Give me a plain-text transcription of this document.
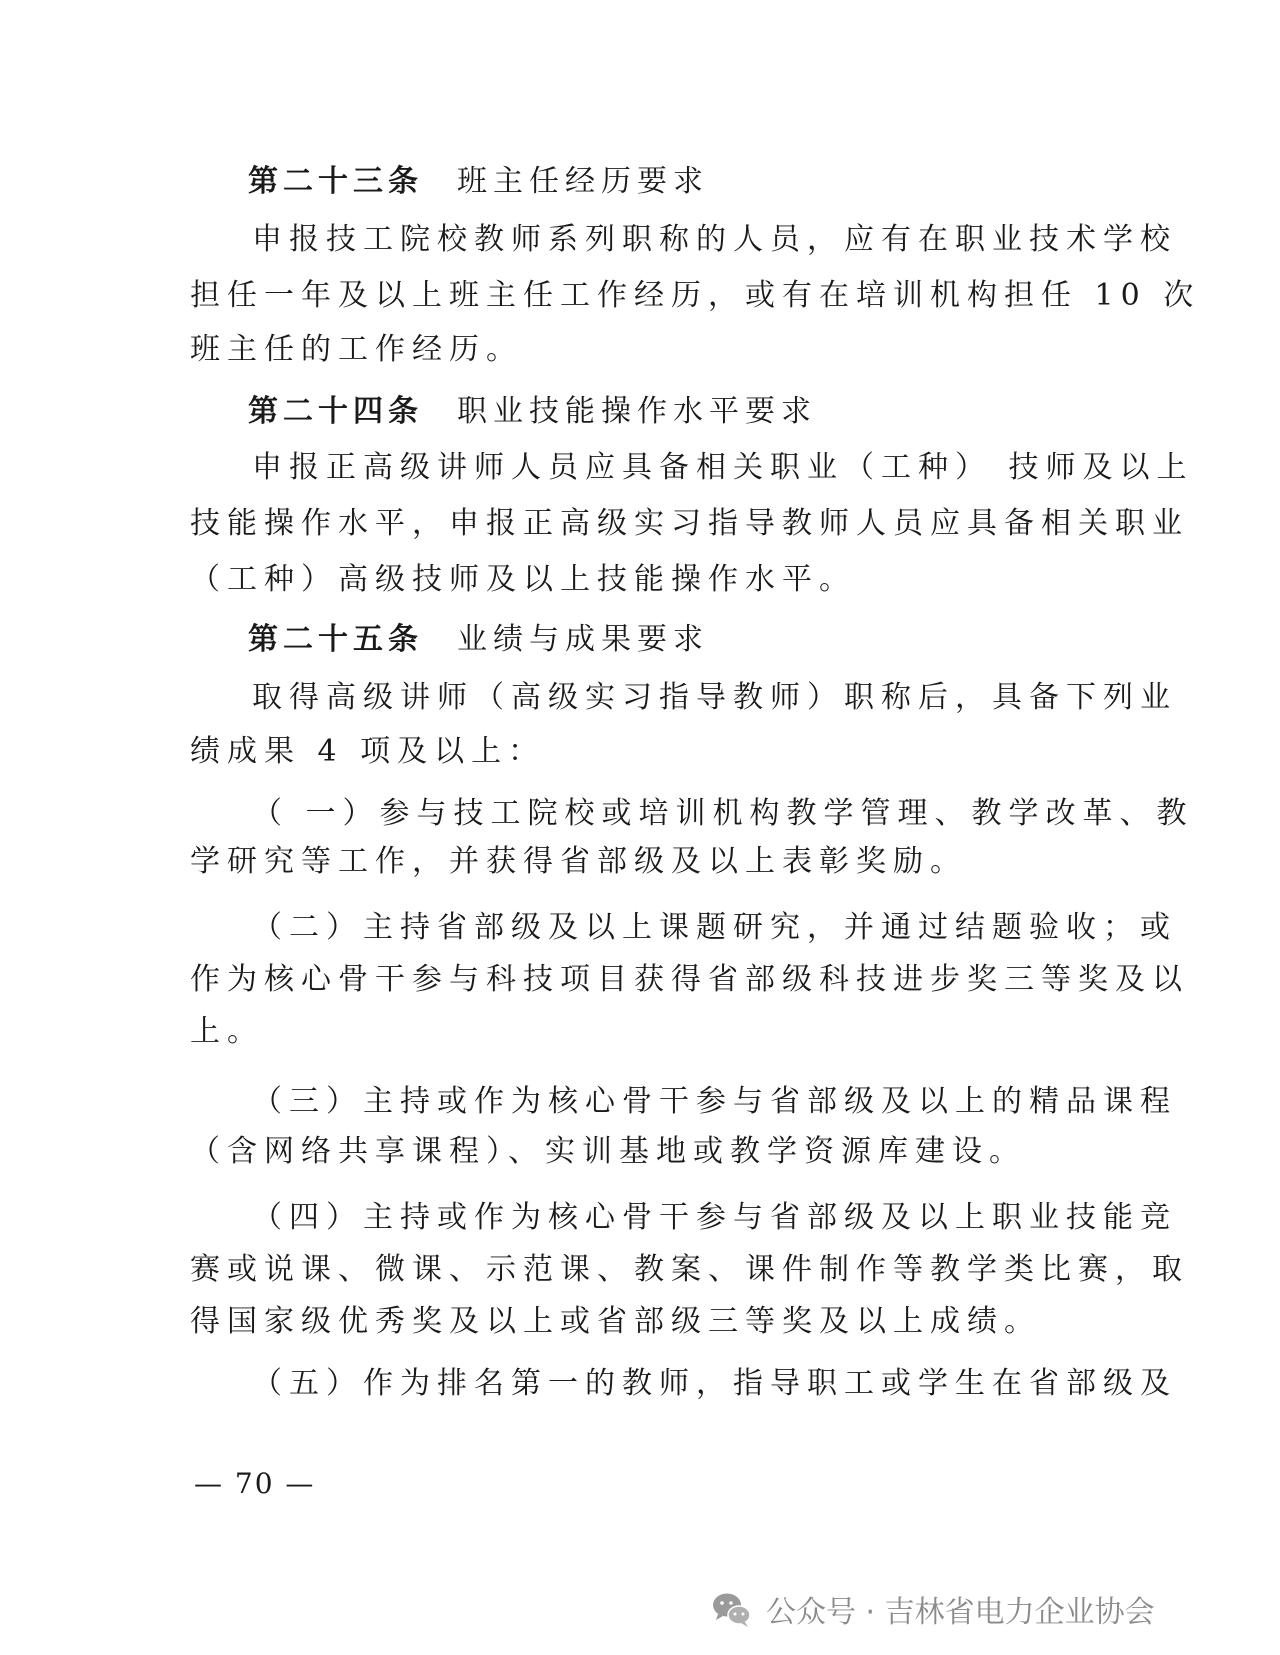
第二十三条 班主任经历要求
申报技工院校教师系列职称的人员，应有在职业技术学校
担任一年及以上班主任工作经历，或有在培训机构担任 10 次
班主任的工作经历。
第二十四条 职业技能操作水平要求
申报正高级讲师人员应具备相关职业（工种） 技师及以上
技能操作水平，申报正高级实习指导教师人员应具备相关职业
（工种）高级技师及以上技能操作水平。
第二十五条 业绩与成果要求
取得高级讲师（高级实习指导教师）职称后，具备下列业
绩成果 4 项及以上：
（ 一）参与技工院校或培训机构教学管理、教学改革、教
学研究等工作，并获得省部级及以上表彰奖励。
（二）主持省部级及以上课题研究，并通过结题验收；或
作为核心骨干参与科技项目获得省部级科技进步奖三等奖及以
上。
（三）主持或作为核心骨干参与省部级及以上的精品课程
（含网络共享课程）、实训基地或教学资源库建设。
（四）主持或作为核心骨干参与省部级及以上职业技能竞
赛或说课、微课、示范课、教案、课件制作等教学类比赛，取
得国家级优秀奖及以上或省部级三等奖及以上成绩。
（五）作为排名第一的教师，指导职工或学生在省部级及
— 70 —
公众号 · 吉林省电力企业协会
